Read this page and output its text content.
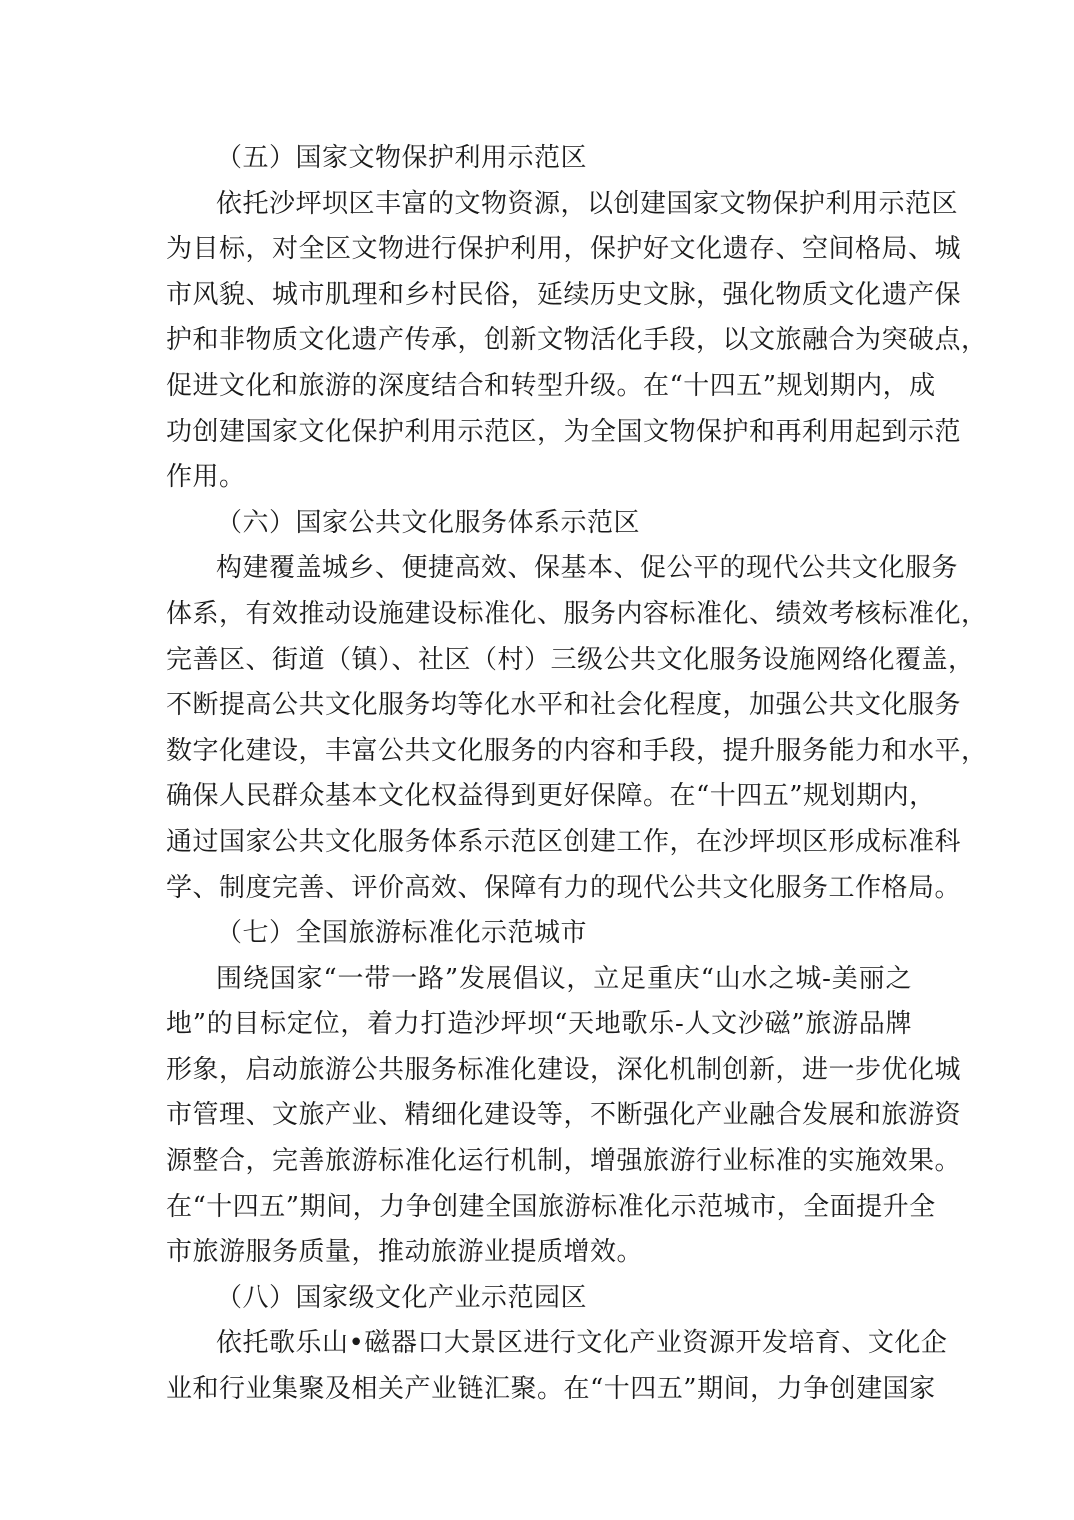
（五）国家文物保护利用示范区
依托沙坪坝区丰富的文物资源，以创建国家文物保护利用示范区
为目标，对全区文物进行保护利用，保护好文化遗存、空间格局、城
市风貌、城市肌理和乡村民俗，延续历史文脉，强化物质文化遗产保
护和非物质文化遗产传承，创新文物活化手段，以文旅融合为突破点，
促进文化和旅游的深度结合和转型升级。在“十四五”规划期内，成
功创建国家文化保护利用示范区，为全国文物保护和再利用起到示范
作用。
（六）国家公共文化服务体系示范区
构建覆盖城乡、便捷高效、保基本、促公平的现代公共文化服务
体系，有效推动设施建设标准化、服务内容标准化、绩效考核标准化，
完善区、街道（镇）、社区（村）三级公共文化服务设施网络化覆盖，
不断提高公共文化服务均等化水平和社会化程度，加强公共文化服务
数字化建设，丰富公共文化服务的内容和手段，提升服务能力和水平，
确保人民群众基本文化权益得到更好保障。在“十四五”规划期内，
通过国家公共文化服务体系示范区创建工作，在沙坪坝区形成标准科
学、制度完善、评价高效、保障有力的现代公共文化服务工作格局。
（七）全国旅游标准化示范城市
围绕国家“一带一路”发展倡议，立足重庆“山水之城-美丽之
地”的目标定位，着力打造沙坪坝“天地歌乐-人文沙磁”旅游品牌
形象，启动旅游公共服务标准化建设，深化机制创新，进一步优化城
市管理、文旅产业、精细化建设等，不断强化产业融合发展和旅游资
源整合，完善旅游标准化运行机制，增强旅游行业标准的实施效果。
在“十四五”期间，力争创建全国旅游标准化示范城市，全面提升全
市旅游服务质量，推动旅游业提质增效。
（八）国家级文化产业示范园区
依托歌乐山•磁器口大景区进行文化产业资源开发培育、文化企
业和行业集聚及相关产业链汇聚。在“十四五”期间，力争创建国家
